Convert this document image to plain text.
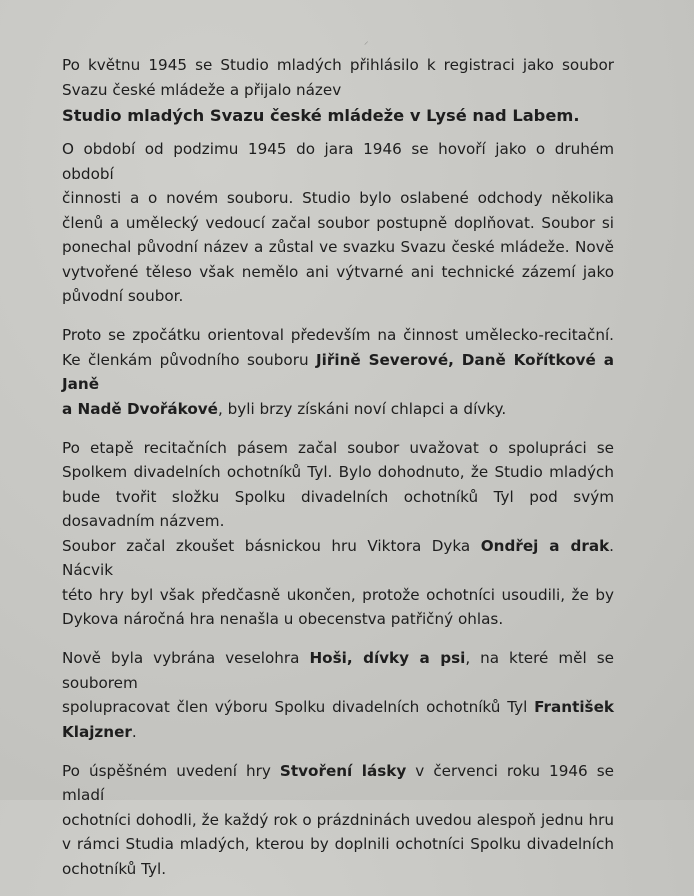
⸝
Po květnu 1945 se Studio mladých přihlásilo k registraci jako soubor
Svazu české mládeže a přijalo název
Studio mladých Svazu české mládeže v Lysé nad Labem.
O období od podzimu 1945 do jara 1946 se hovoří jako o druhém období
činnosti a o novém souboru. Studio bylo oslabené odchody několika
členů a umělecký vedoucí začal soubor postupně doplňovat. Soubor si
ponechal původní název a zůstal ve svazku Svazu české mládeže. Nově
vytvořené těleso však nemělo ani výtvarné ani technické zázemí jako
původní soubor.
Proto se zpočátku orientoval především na činnost umělecko-recitační.
Ke členkám původního souboru Jiřině Severové, Daně Kořítkové a Janě
a Nadě Dvořákové, byli brzy získáni noví chlapci a dívky.
Po etapě recitačních pásem začal soubor uvažovat o spolupráci se
Spolkem divadelních ochotníků Tyl. Bylo dohodnuto, že Studio mladých
bude tvořit složku Spolku divadelních ochotníků Tyl pod svým
dosavadním názvem.
Soubor začal zkoušet básnickou hru Viktora Dyka Ondřej a drak. Nácvik
této hry byl však předčasně ukončen, protože ochotníci usoudili, že by
Dykova náročná hra nenašla u obecenstva patřičný ohlas.
Nově byla vybrána veselohra Hoši, dívky a psi, na které měl se souborem
spolupracovat člen výboru Spolku divadelních ochotníků Tyl František
Klajzner.
Po úspěšném uvedení hry Stvoření lásky v červenci roku 1946 se mladí
ochotníci dohodli, že každý rok o prázdninách uvedou alespoň jednu hru
v rámci Studia mladých, kterou by doplnili ochotníci Spolku divadelních
ochotníků Tyl.
